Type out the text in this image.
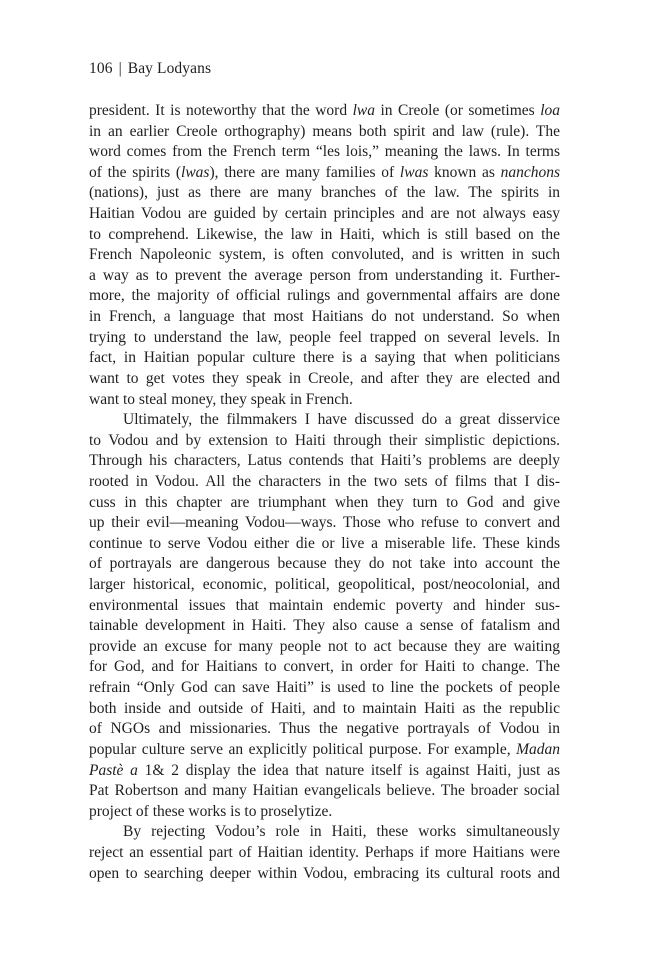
106 | Bay Lodyans
president. It is noteworthy that the word lwa in Creole (or sometimes loa
in an earlier Creole orthography) means both spirit and law (rule). The
word comes from the French term “les lois,” meaning the laws. In terms
of the spirits (lwas), there are many families of lwas known as nanchons
(nations), just as there are many branches of the law. The spirits in
Haitian Vodou are guided by certain principles and are not always easy
to comprehend. Likewise, the law in Haiti, which is still based on the
French Napoleonic system, is often convoluted, and is written in such
a way as to prevent the average person from understanding it. Further-
more, the majority of official rulings and governmental affairs are done
in French, a language that most Haitians do not understand. So when
trying to understand the law, people feel trapped on several levels. In
fact, in Haitian popular culture there is a saying that when politicians
want to get votes they speak in Creole, and after they are elected and
want to steal money, they speak in French.
Ultimately, the filmmakers I have discussed do a great disservice
to Vodou and by extension to Haiti through their simplistic depictions.
Through his characters, Latus contends that Haiti’s problems are deeply
rooted in Vodou. All the characters in the two sets of films that I dis-
cuss in this chapter are triumphant when they turn to God and give
up their evil—meaning Vodou—ways. Those who refuse to convert and
continue to serve Vodou either die or live a miserable life. These kinds
of portrayals are dangerous because they do not take into account the
larger historical, economic, political, geopolitical, post/neocolonial, and
environmental issues that maintain endemic poverty and hinder sus-
tainable development in Haiti. They also cause a sense of fatalism and
provide an excuse for many people not to act because they are waiting
for God, and for Haitians to convert, in order for Haiti to change. The
refrain “Only God can save Haiti” is used to line the pockets of people
both inside and outside of Haiti, and to maintain Haiti as the republic
of NGOs and missionaries. Thus the negative portrayals of Vodou in
popular culture serve an explicitly political purpose. For example, Madan
Pastè a 1& 2 display the idea that nature itself is against Haiti, just as
Pat Robertson and many Haitian evangelicals believe. The broader social
project of these works is to proselytize.
By rejecting Vodou’s role in Haiti, these works simultaneously
reject an essential part of Haitian identity. Perhaps if more Haitians were
open to searching deeper within Vodou, embracing its cultural roots and
